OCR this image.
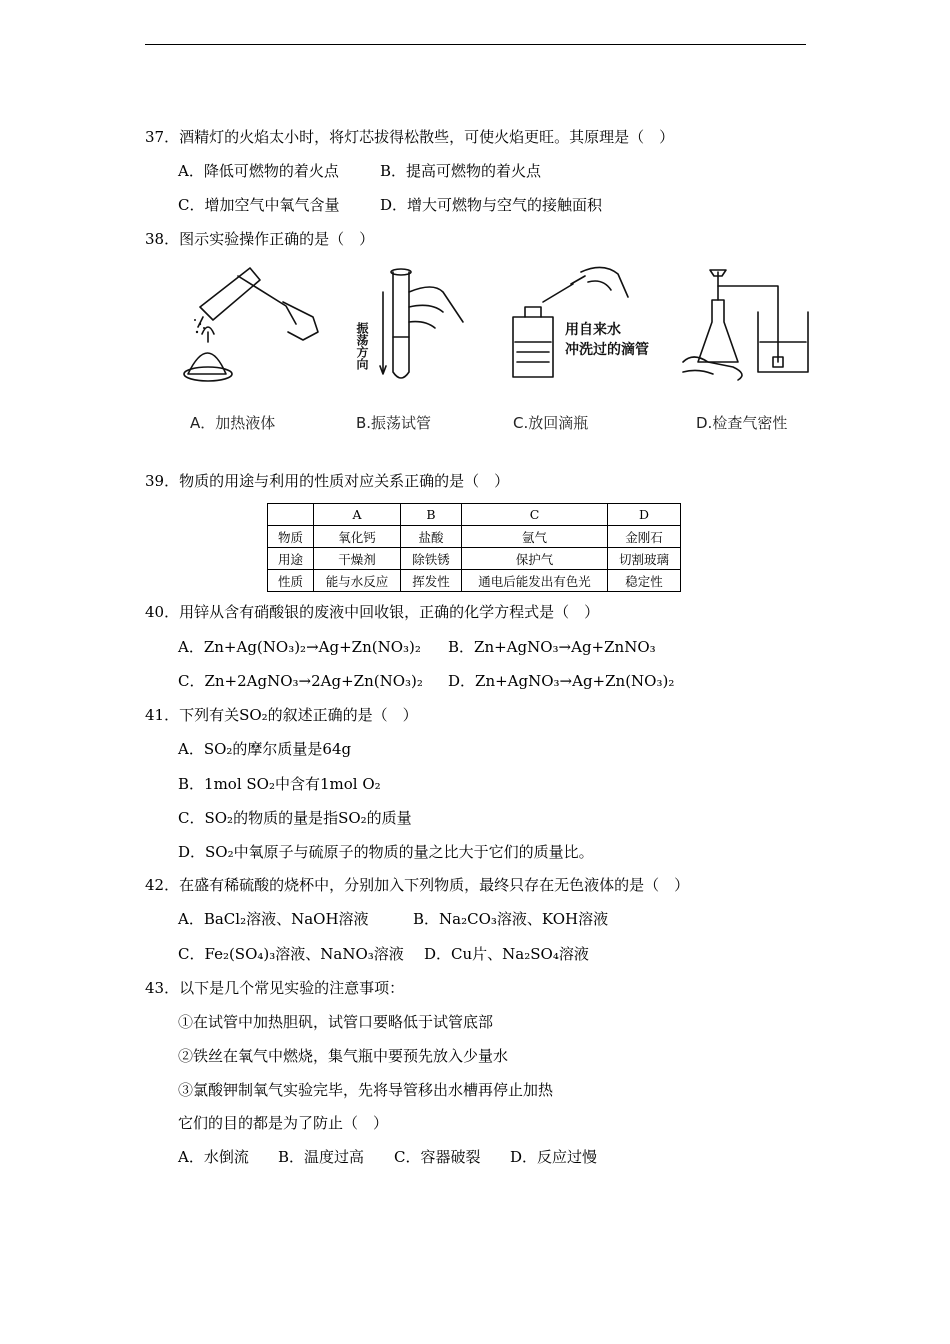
37．酒精灯的火焰太小时，将灯芯拔得松散些，可使火焰更旺。其原理是（　）
A．降低可燃物的着火点	B．提高可燃物的着火点
C．增加空气中氧气含量	D．增大可燃物与空气的接触面积
38．图示实验操作正确的是（　）
A．加热液体
振荡方向
B.振荡试管
用自来水
冲洗过的滴管
C.放回滴瓶	D.检查气密性
39．物质的用途与利用的性质对应关系正确的是（　）
	A	B	C	D
物质	氧化钙	盐酸	氩气	金刚石
用途	干燥剂	除铁锈	保护气	切割玻璃
性质	能与水反应	挥发性	通电后能发出有色光	稳定性
40．用锌从含有硝酸银的废液中回收银，正确的化学方程式是（　）
A．Zn+Ag(NO₃)₂→Ag+Zn(NO₃)₂ B．Zn+AgNO₃→Ag+ZnNO₃
C．Zn+2AgNO₃→2Ag+Zn(NO₃)₂ D．Zn+AgNO₃→Ag+Zn(NO₃)₂
41．下列有关SO₂的叙述正确的是（　）
A．SO₂的摩尔质量是64g
B．1mol SO₂中含有1mol O₂
C．SO₂的物质的量是指SO₂的质量
D．SO₂中氧原子与硫原子的物质的量之比大于它们的质量比。
42．在盛有稀硫酸的烧杯中，分别加入下列物质，最终只存在无色液体的是（　）
A．BaCl₂溶液、NaOH溶液	B．Na₂CO₃溶液、KOH溶液
C．Fe₂(SO₄)₃溶液、NaNO₃溶液 D．Cu片、Na₂SO₄溶液
43．以下是几个常见实验的注意事项：
①在试管中加热胆矾，试管口要略低于试管底部
②铁丝在氧气中燃烧，集气瓶中要预先放入少量水
③氯酸钾制氧气实验完毕，先将导管移出水槽再停止加热
它们的目的都是为了防止（　）
A．水倒流 B．温度过高 C．容器破裂 D．反应过慢
